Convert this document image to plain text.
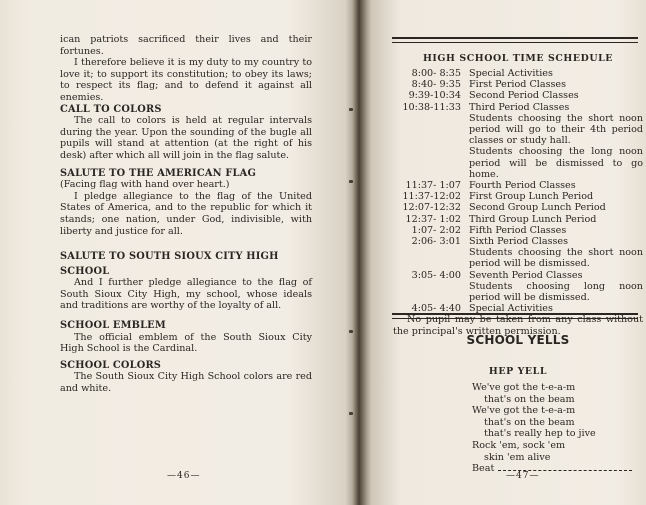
ican patriots sacrificed their lives and their fortunes.

I therefore believe it is my duty to my country to love it; to support its constitution; to obey its laws; to respect its flag; and to defend it against all enemies.

CALL TO COLORS

The call to colors is held at regular intervals during the year. Upon the sounding of the bugle all pupils will stand at attention (at the right of his desk) after which all will join in the flag salute.

SALUTE TO THE AMERICAN FLAG

(Facing flag with hand over heart.)

I pledge allegiance to the flag of the United States of America, and to the republic for which it stands; one nation, under God, indivisible, with liberty and justice for all.

SALUTE TO SOUTH SIOUX CITY HIGH

SCHOOL

And I further pledge allegiance to the flag of South Sioux City High, my school, whose ideals and traditions are worthy of the loyalty of all.

SCHOOL EMBLEM

The official emblem of the South Sioux City High School is the Cardinal.

SCHOOL COLORS

The South Sioux City High School colors are red and white.

—46—
HIGH SCHOOL TIME SCHEDULE
8:00- 8:35 Special Activities
8:40- 9:35 First Period Classes
9:39-10:34 Second Period Classes
10:38-11:33 Third Period Classes
Students choosing the short noon period will go to their 4th period classes or study hall.
Students choosing the long noon period will be dismissed to go home.
11:37- 1:07 Fourth Period Classes
11:37-12:02 First Group Lunch Period
12:07-12:32 Second Group Lunch Period
12:37- 1:02 Third Group Lunch Period
1:07- 2:02 Fifth Period Classes
2:06- 3:01 Sixth Period Classes
Students choosing the short noon period will be dismissed.
3:05- 4:00 Seventh Period Classes
Students choosing long noon period will be dismissed.
4:05- 4:40 Special Activities
No pupil may be taken from any class without the principal's written permission.
SCHOOL YELLS
HEP YELL
We've got the t-e-a-m
that's on the beam
We've got the t-e-a-m
that's on the beam
that's really hep to jive
Rock 'em, sock 'em
skin 'em alive
Beat
—47—
